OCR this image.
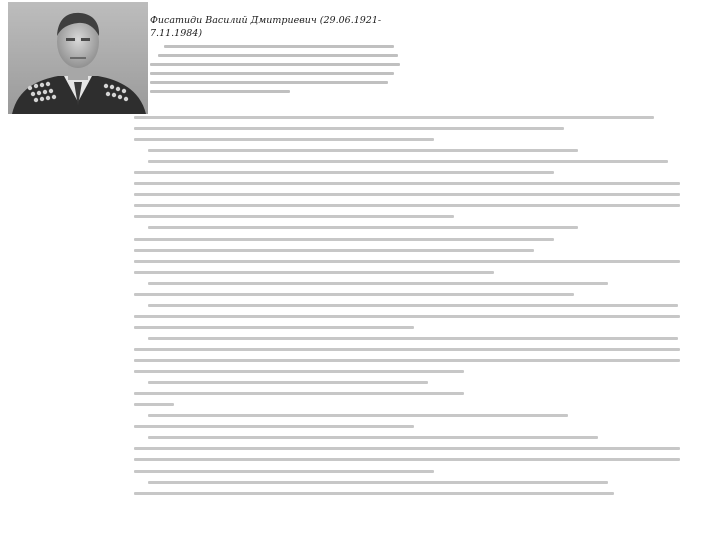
Фисатиди Василий Дмитриевич (29.06.1921-7.11.1984)
